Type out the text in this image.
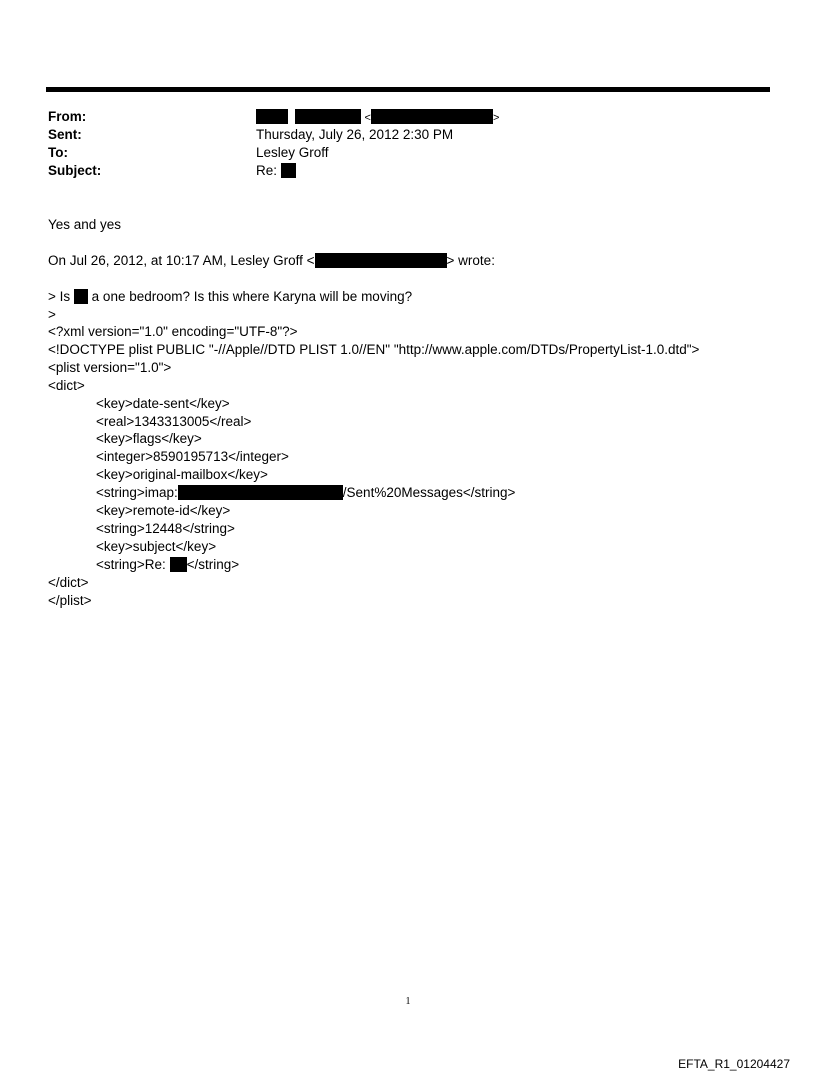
From:	<	>
Sent:	Thursday, July 26, 2012 2:30 PM
To:	Lesley Groff
Subject:	Re:
Yes and yes
On Jul 26, 2012, at 10:17 AM, Lesley Groff <	> wrote:
> Is a one bedroom? Is this where Karyna will be moving?
>
<?xml version="1.0" encoding="UTF-8"?>
<!DOCTYPE plist PUBLIC "-//Apple//DTD PLIST 1.0//EN" "http://www.apple.com/DTDs/PropertyList-1.0.dtd">
<plist version="1.0">
<dict>
<key>date-sent</key>
<real>1343313005</real>
<key>flags</key>
<integer>8590195713</integer>
<key>original-mailbox</key>
<string>imap:	/Sent%20Messages</string>
<key>remote-id</key>
<string>12448</string>
<key>subject</key>
<string>Re: </string>
</dict>
</plist>
1
EFTA_R1_01204427
